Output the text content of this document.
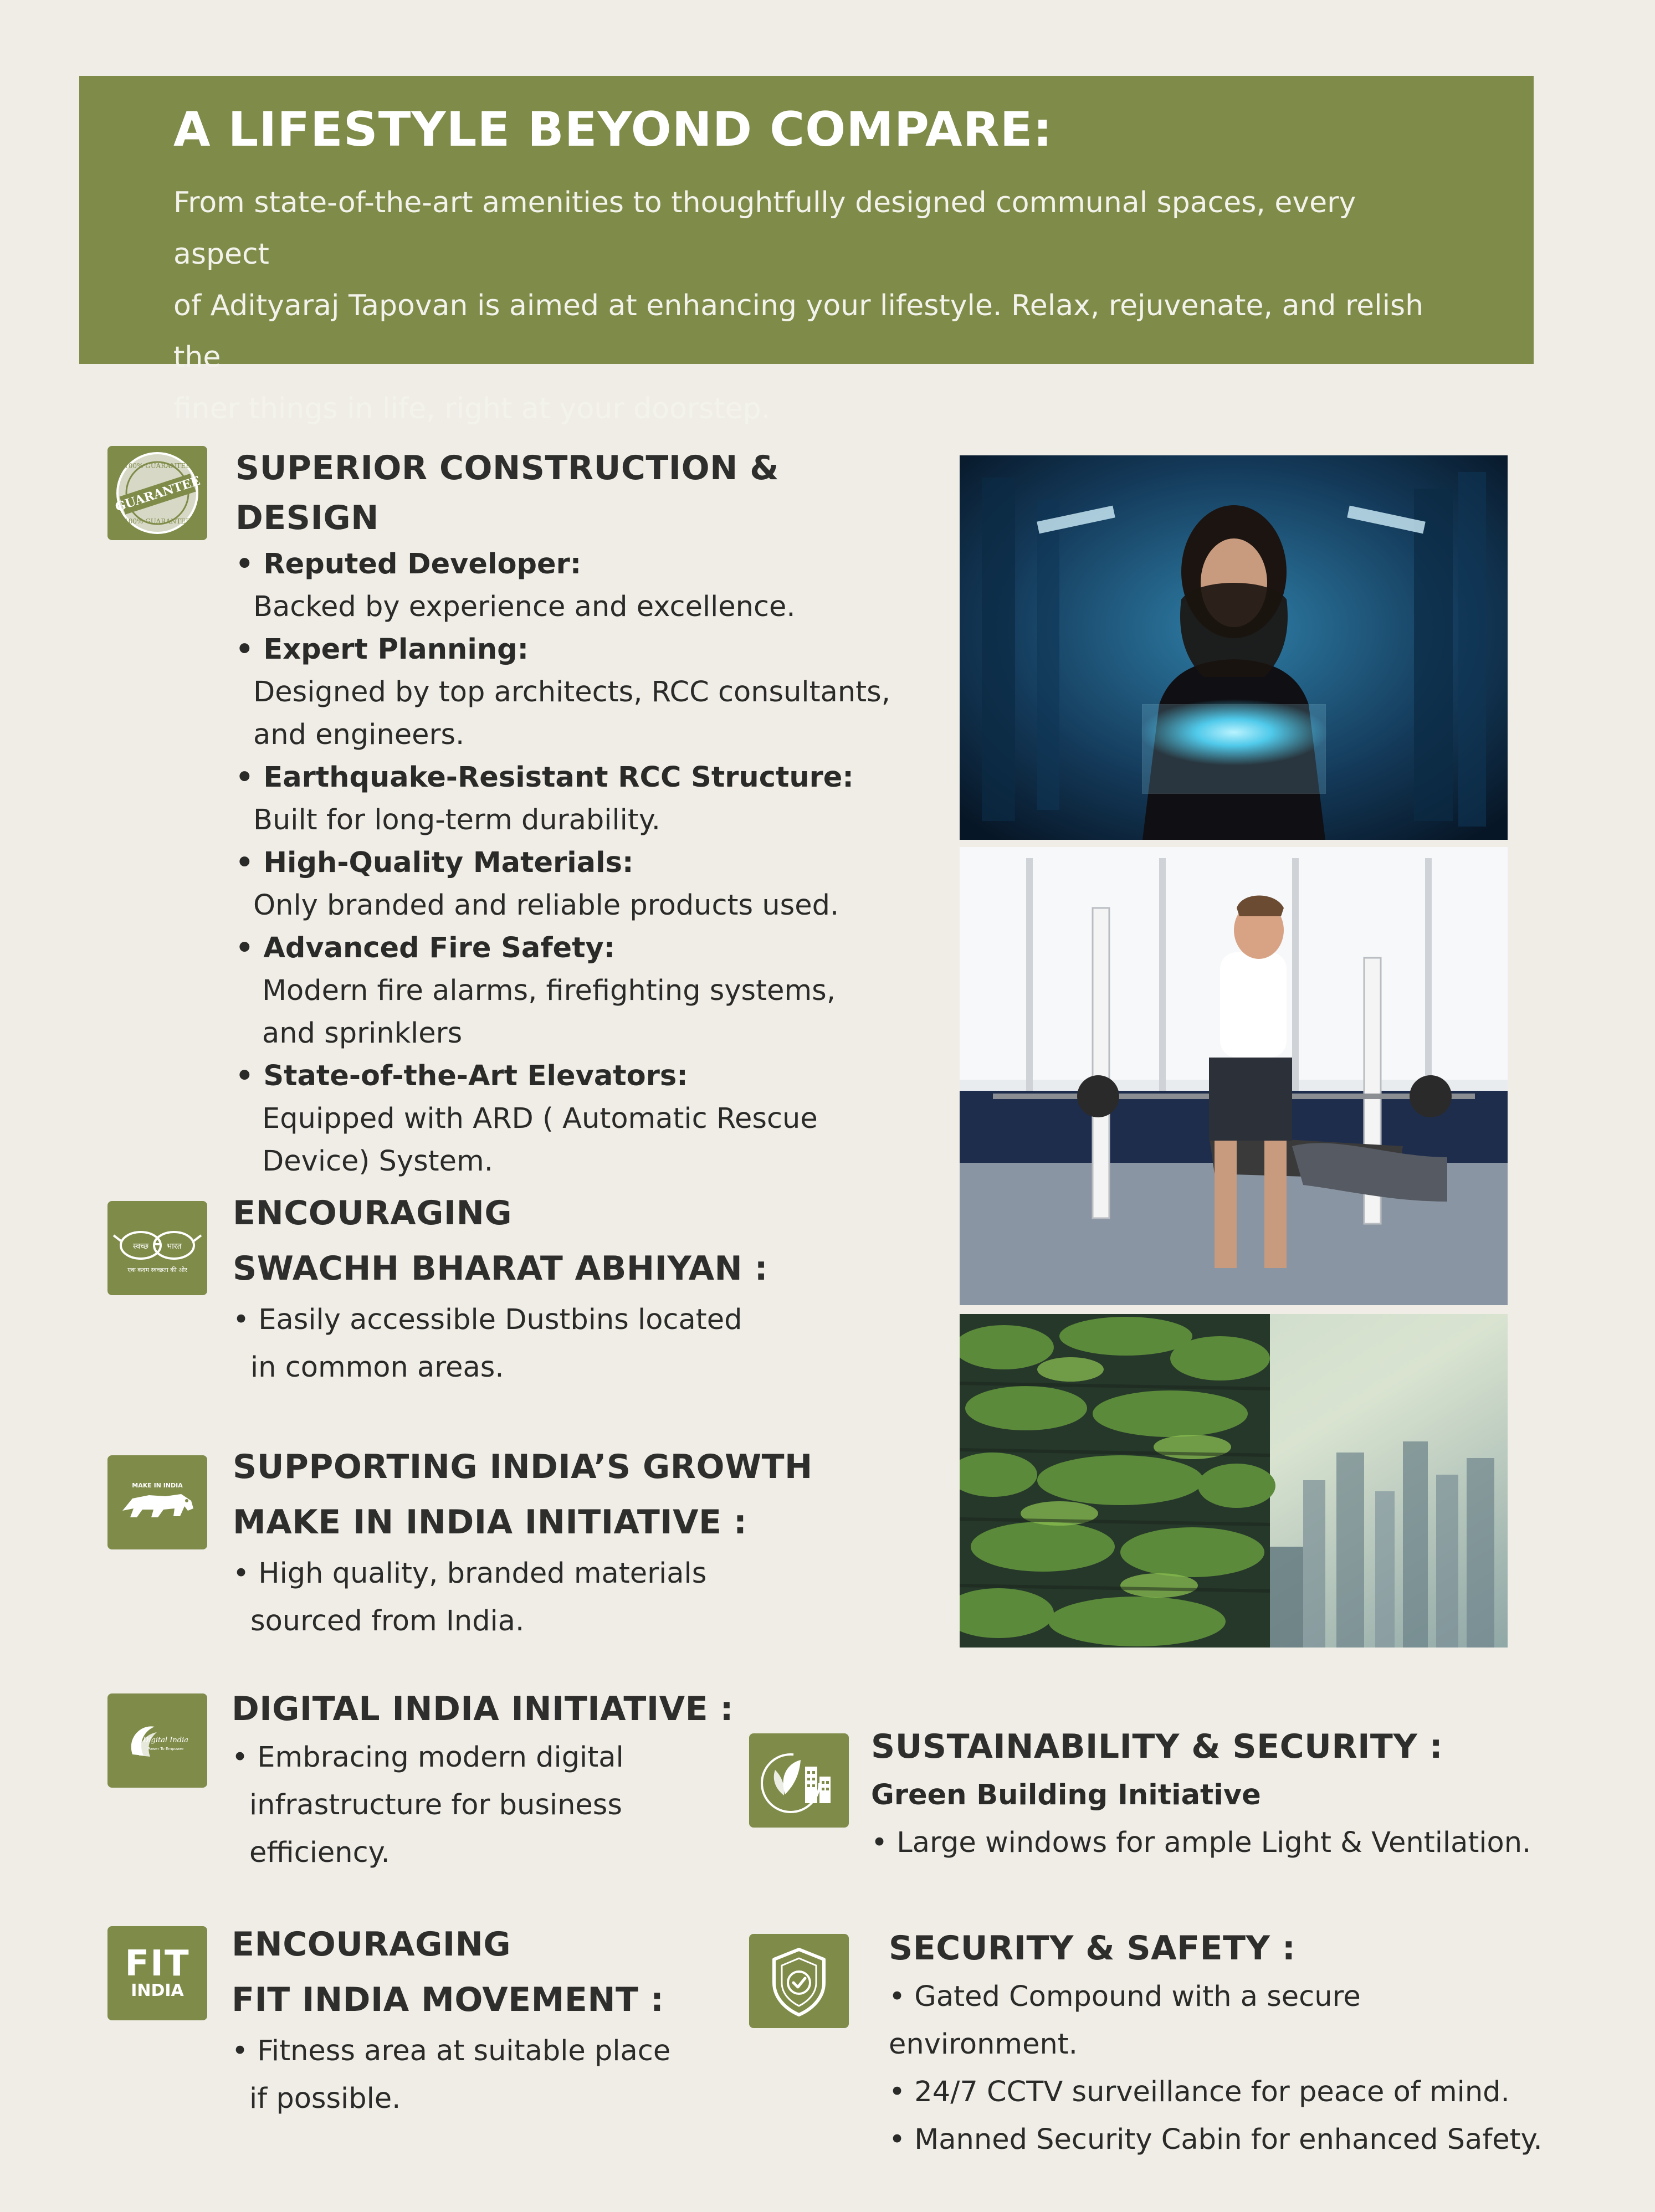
A LIFESTYLE BEYOND COMPARE:

From state-of-the-art amenities to thoughtfully designed communal spaces, every aspect

of Adityaraj Tapovan is aimed at enhancing your lifestyle. Relax, rejuvenate, and relish the

finer things in life, right at your doorstep.

GUARANTEE
100% GUARANTEE
100% GUARANTEE
SUPERIOR CONSTRUCTION & DESIGN
• Reputed Developer:
Backed by experience and excellence.
• Expert Planning:
Designed by top architects, RCC consultants,
and engineers.
• Earthquake-Resistant RCC Structure:
Built for long-term durability.
• High-Quality Materials:
Only branded and reliable products used.
• Advanced Fire Safety:
Modern fire alarms, firefighting systems,
and sprinklers
• State-of-the-Art Elevators:
Equipped with ARD ( Automatic Rescue
Device) System.
स्वच्छ भारत
एक कदम स्वच्छता की ओर
ENCOURAGING
SWACHH BHARAT ABHIYAN :
• Easily accessible Dustbins located
in common areas.
MAKE IN INDIA SUPPORTING INDIA’S GROWTH
MAKE IN INDIA INITIATIVE :
• High quality, branded materials
sourced from India.
Digital India
Power To Empower
DIGITAL INDIA INITIATIVE :
• Embracing modern digital
infrastructure for business
efficiency.
FIT
INDIA
ENCOURAGING
FIT INDIA MOVEMENT :
• Fitness area at suitable place
if possible.
SUSTAINABILITY & SECURITY :
Green Building Initiative
• Large windows for ample Light & Ventilation.
SECURITY & SAFETY :
• Gated Compound with a secure environment.
• 24/7 CCTV surveillance for peace of mind.
• Manned Security Cabin for enhanced Safety.
